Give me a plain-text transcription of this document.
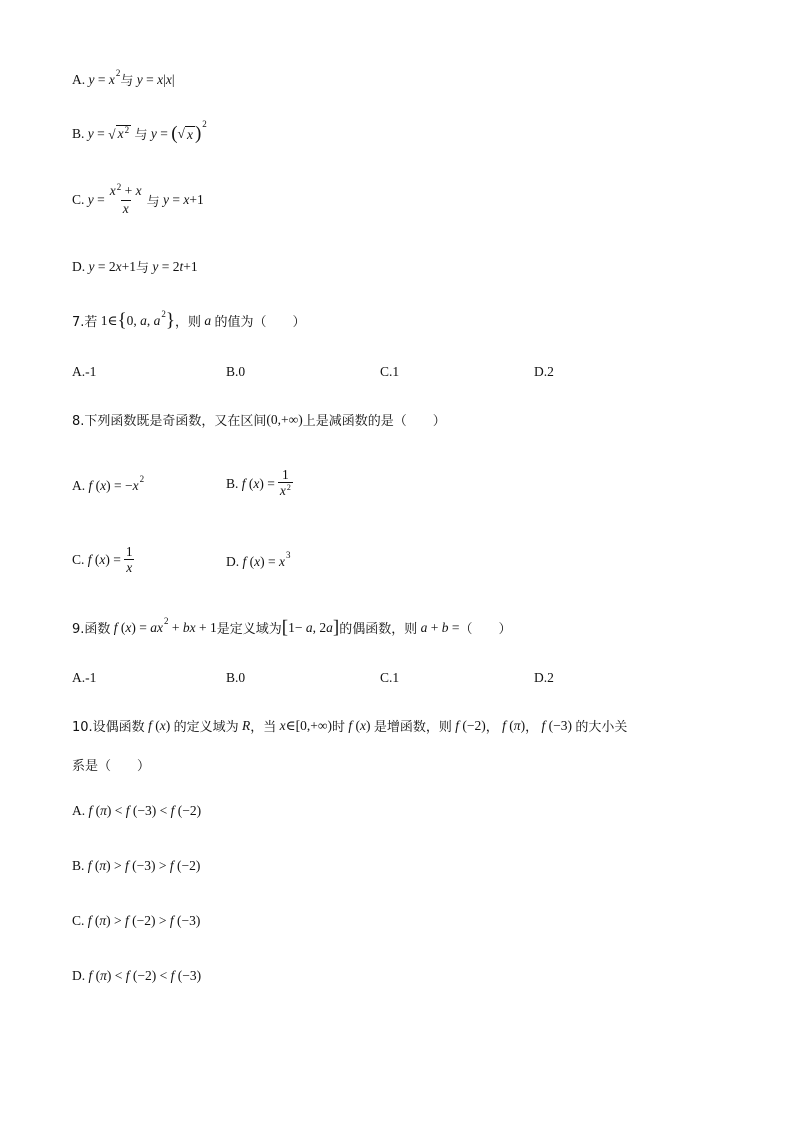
A. y = x 2
与
y = x | x |
B. y = √ $x^2$
与
y = ( √ x ) 2
C. $y = \frac{x^2 + x}{x}$ 与
y = x +1
D. y = 2 x +1 与
y = 2 t +1
7.若 1∈ { 0, a , a 2 } ，则
a
的值为（　　）
A.-1	B.0	C.1	D.2
8.下列函数既是奇函数，又在区间 (0,+∞) 上是减函数的是（　　）
A. f ( x ) = − x 2	B. f ( x ) = $\frac{1}{x^2}$
C. f ( x ) = $\frac{1}{x}$	D. f ( x ) = x 3
9.函数
f ( x ) = ax 2 + bx + 1 是定义域为 [ 1− a , 2 a ] 的偶函数，则
a + b = （　　）
A.-1	B.0	C.1	D.2
10.设偶函数
f ( x ) 的定义域为
R ，当
x ∈[0,+∞) 时
f ( x ) 是增函数，则
f (−2) ，
f ( π ) ，
f (−3) 的大小关
系是（　　）
A. f ( π ) < f (−3) < f (−2)
B. f ( π ) > f (−3) > f (−2)
C. f ( π ) > f (−2) > f (−3)
D. f ( π ) < f (−2) < f (−3)
